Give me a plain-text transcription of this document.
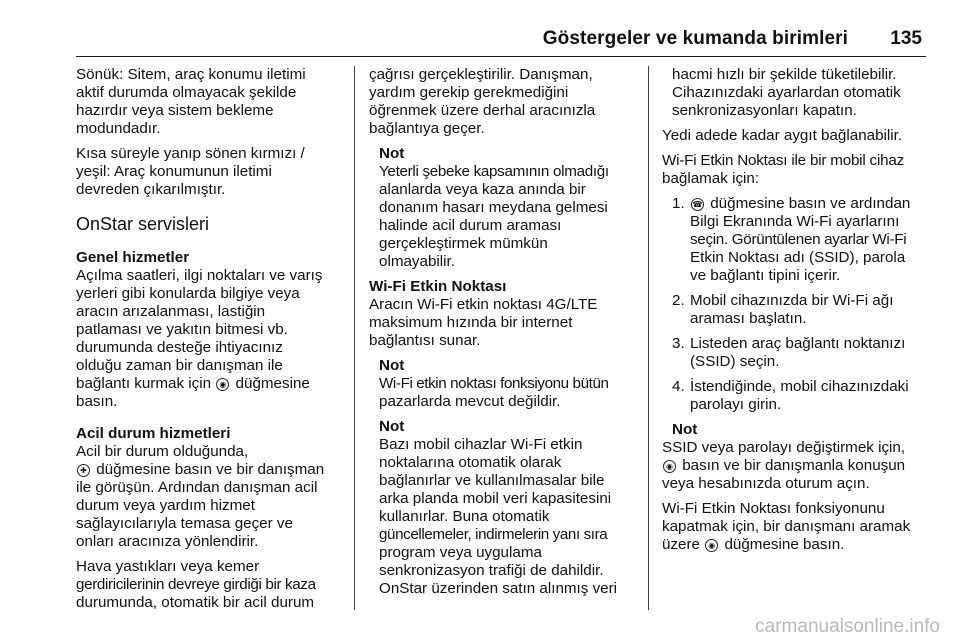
Göstergeler ve kumanda birimleri 135

Sönük: Sitem, araç konumu iletimi
aktif durumda olmayacak şekilde
hazırdır veya sistem bekleme
modundadır.

Kısa süreyle yanıp sönen kırmızı /
yeşil: Araç konumunun iletimi
devreden çıkarılmıştır.

OnStar servisleri

Genel hizmetler

Açılma saatleri, ilgi noktaları ve varış
yerleri gibi konularda bilgiye veya
aracın arızalanması, lastiğin
patlaması ve yakıtın bitmesi vb.
durumunda desteğe ihtiyacınız
olduğu zaman bir danışman ile
bağlantı kurmak için ◉ düğmesine
basın.

Acil durum hizmetleri

Acil bir durum olduğunda,
✚ düğmesine basın ve bir danışman
ile görüşün. Ardından danışman acil
durum veya yardım hizmet
sağlayıcılarıyla temasa geçer ve
onları aracınıza yönlendirir.

Hava yastıkları veya kemer
gerdiricilerinin devreye girdiği bir kaza
durumunda, otomatik bir acil durum

çağrısı gerçekleştirilir. Danışman,
yardım gerekip gerekmediğini
öğrenmek üzere derhal aracınızla
bağlantıya geçer.

Not

Yeterli şebeke kapsamının olmadığı
alanlarda veya kaza anında bir
donanım hasarı meydana gelmesi
halinde acil durum araması
gerçekleştirmek mümkün
olmayabilir.

Wi-Fi Etkin Noktası

Aracın Wi-Fi etkin noktası 4G/LTE
maksimum hızında bir internet
bağlantısı sunar.

Not

Wi-Fi etkin noktası fonksiyonu bütün
pazarlarda mevcut değildir.

Not

Bazı mobil cihazlar Wi-Fi etkin
noktalarına otomatik olarak
bağlanırlar ve kullanılmasalar bile
arka planda mobil veri kapasitesini
kullanırlar. Buna otomatik
güncellemeler, indirmelerin yanı sıra
program veya uygulama
senkronizasyon trafiği de dahildir.
OnStar üzerinden satın alınmış veri

hacmi hızlı bir şekilde tüketilebilir.
Cihazınızdaki ayarlardan otomatik
senkronizasyonları kapatın.

Yedi adede kadar aygıt bağlanabilir.

Wi-Fi Etkin Noktası ile bir mobil cihaz
bağlamak için:

1. ☎ düğmesine basın ve ardından
Bilgi Ekranında Wi-Fi ayarlarını
seçin. Görüntülenen ayarlar Wi-Fi
Etkin Noktası adı (SSID), parola
ve bağlantı tipini içerir.
2. Mobil cihazınızda bir Wi-Fi ağı
araması başlatın.
3. Listeden araç bağlantı noktanızı
(SSID) seçin.
4. İstendiğinde, mobil cihazınızdaki
parolayı girin.

Not

SSID veya parolayı değiştirmek için,
◉ basın ve bir danışmanla konuşun
veya hesabınızda oturum açın.

Wi-Fi Etkin Noktası fonksiyonunu
kapatmak için, bir danışmanı aramak
üzere ◉ düğmesine basın.

carmanualsonline.info
